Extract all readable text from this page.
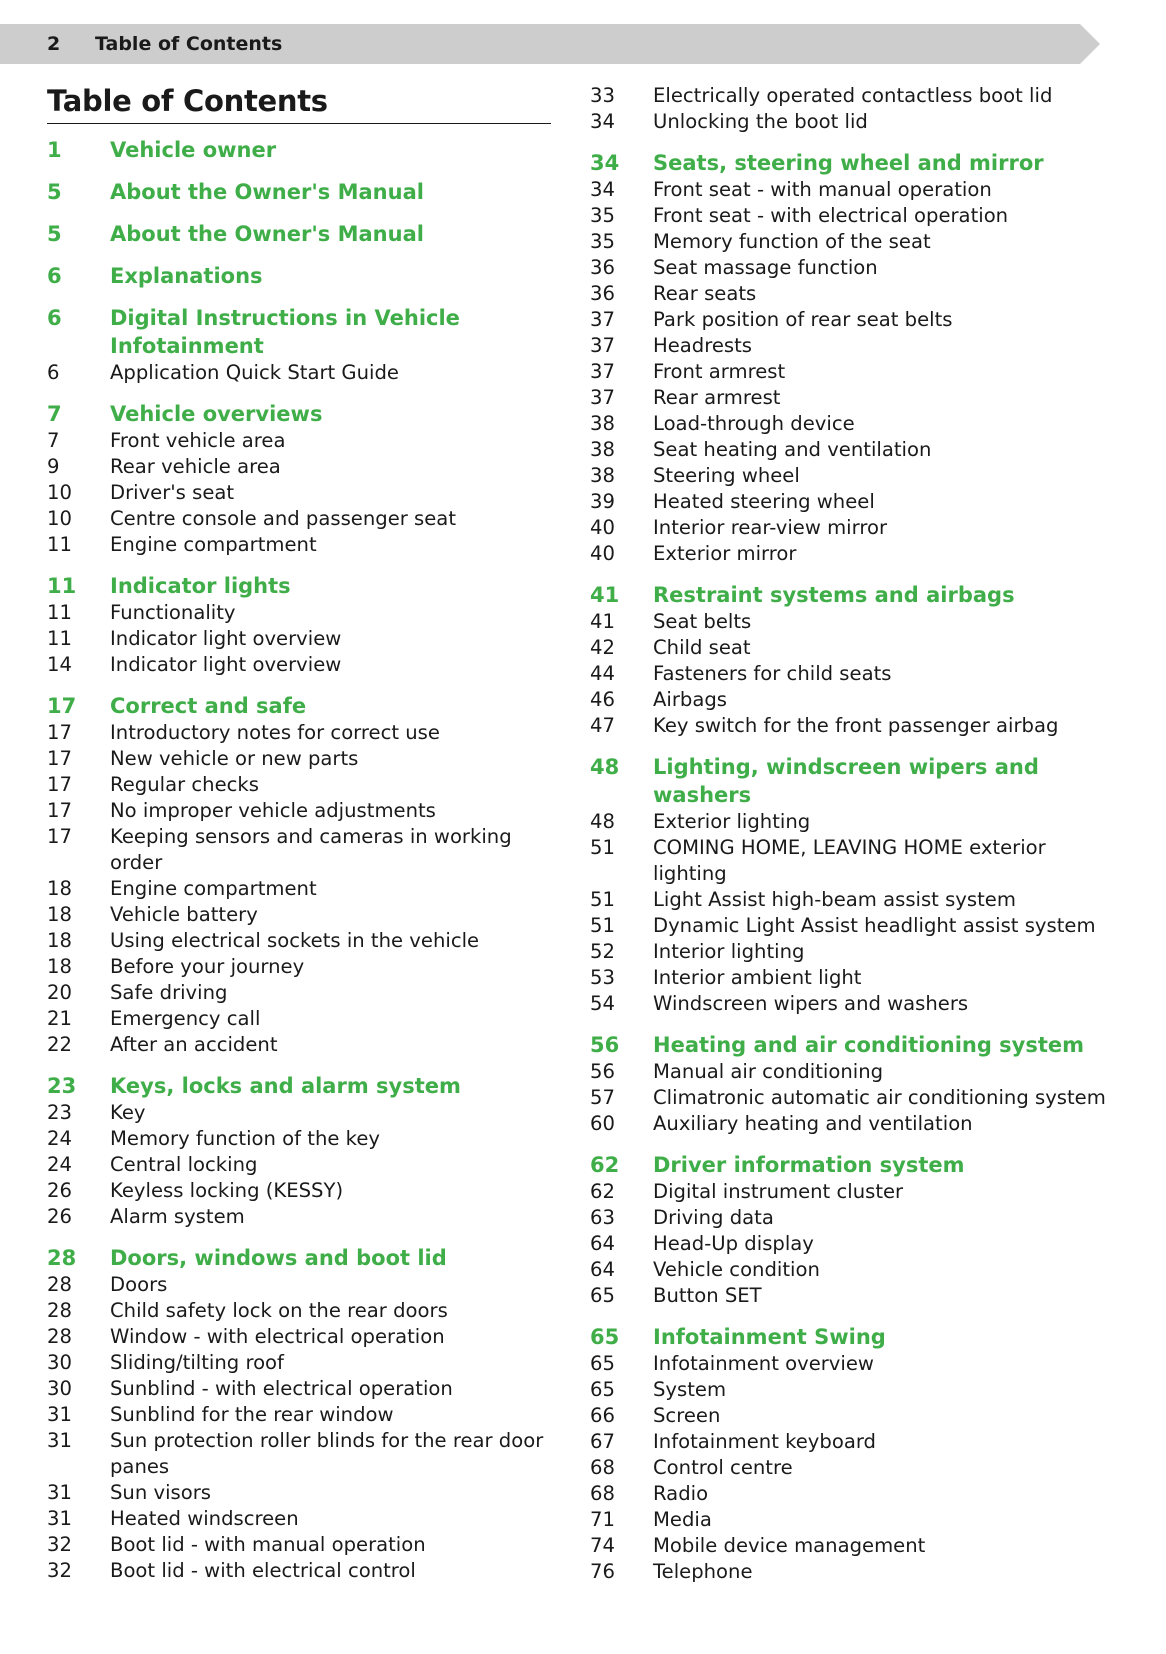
2 Table of Contents
Table of Contents
1	Vehicle owner
5	About the Owner's Manual
5	About the Owner's Manual
6	Explanations
6	Digital Instructions in Vehicle Infotainment
6	Application Quick Start Guide
7	Vehicle overviews
7	Front vehicle area
9	Rear vehicle area
10	Driver's seat
10	Centre console and passenger seat
11	Engine compartment
11	Indicator lights
11	Functionality
11	Indicator light overview
14	Indicator light overview
17	Correct and safe
17	Introductory notes for correct use
17	New vehicle or new parts
17	Regular checks
17	No improper vehicle adjustments
17	Keeping sensors and cameras in working order
18	Engine compartment
18	Vehicle battery
18	Using electrical sockets in the vehicle
18	Before your journey
20	Safe driving
21	Emergency call
22	After an accident
23	Keys, locks and alarm system
23	Key
24	Memory function of the key
24	Central locking
26	Keyless locking (KESSY)
26	Alarm system
28	Doors, windows and boot lid
28	Doors
28	Child safety lock on the rear doors
28	Window - with electrical operation
30	Sliding/tilting roof
30	Sunblind - with electrical operation
31	Sunblind for the rear window
31	Sun protection roller blinds for the rear door panes
31	Sun visors
31	Heated windscreen
32	Boot lid - with manual operation
32	Boot lid - with electrical control
33	Electrically operated contactless boot lid
34	Unlocking the boot lid
34	Seats, steering wheel and mirror
34	Front seat - with manual operation
35	Front seat - with electrical operation
35	Memory function of the seat
36	Seat massage function
36	Rear seats
37	Park position of rear seat belts
37	Headrests
37	Front armrest
37	Rear armrest
38	Load-through device
38	Seat heating and ventilation
38	Steering wheel
39	Heated steering wheel
40	Interior rear-view mirror
40	Exterior mirror
41	Restraint systems and airbags
41	Seat belts
42	Child seat
44	Fasteners for child seats
46	Airbags
47	Key switch for the front passenger airbag
48	Lighting, windscreen wipers and washers
48	Exterior lighting
51	COMING HOME, LEAVING HOME exterior lighting
51	Light Assist high-beam assist system
51	Dynamic Light Assist headlight assist system
52	Interior lighting
53	Interior ambient light
54	Windscreen wipers and washers
56	Heating and air conditioning system
56	Manual air conditioning
57	Climatronic automatic air conditioning system
60	Auxiliary heating and ventilation
62	Driver information system
62	Digital instrument cluster
63	Driving data
64	Head-Up display
64	Vehicle condition
65	Button SET
65	Infotainment Swing
65	Infotainment overview
65	System
66	Screen
67	Infotainment keyboard
68	Control centre
68	Radio
71	Media
74	Mobile device management
76	Telephone
